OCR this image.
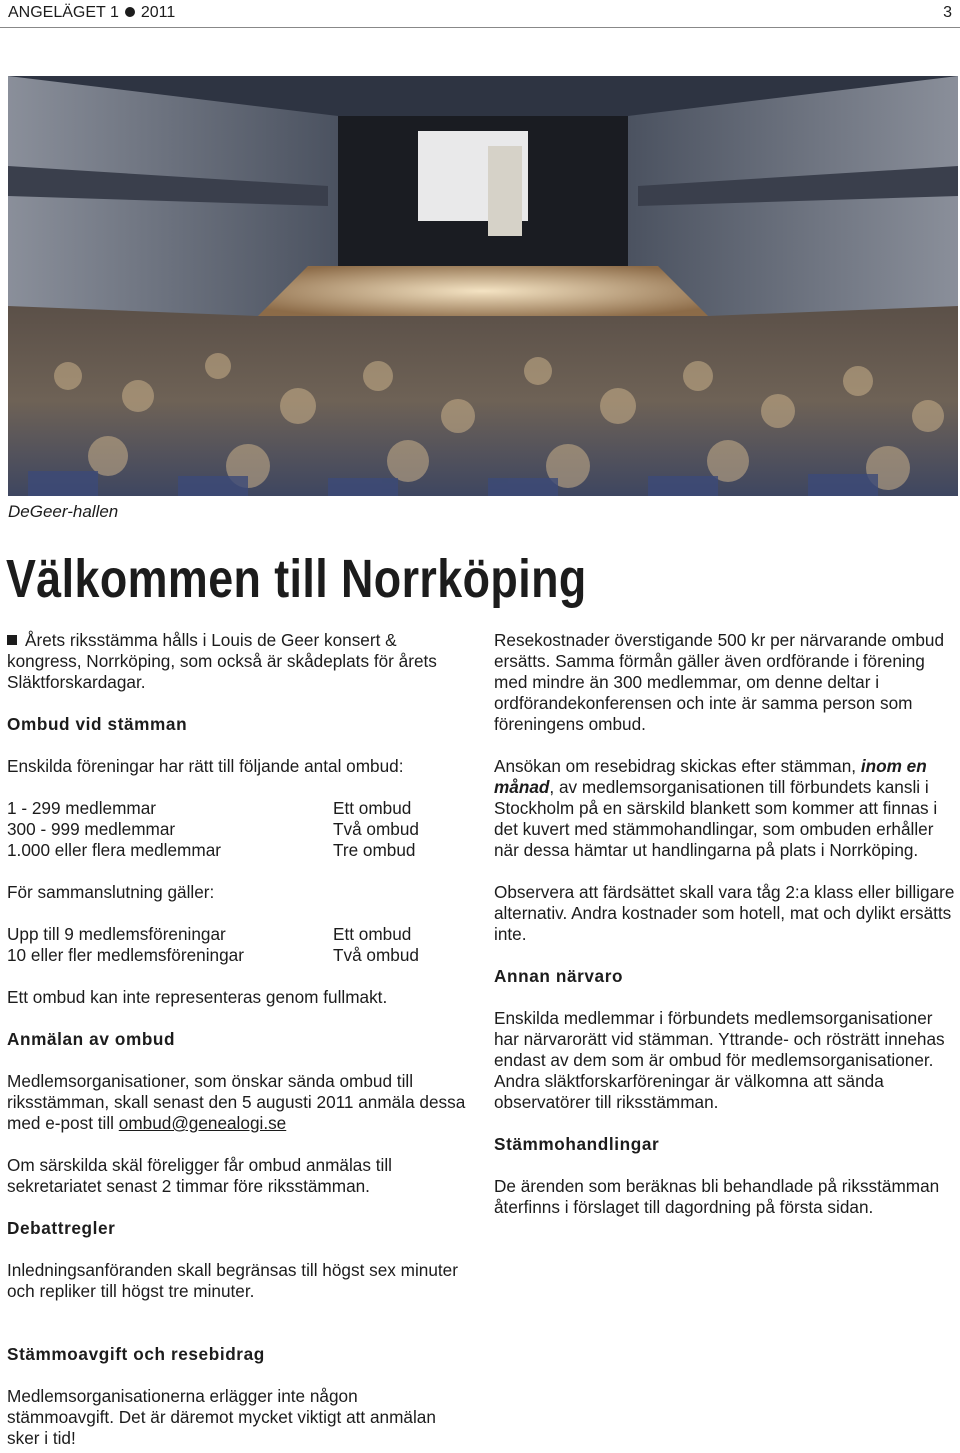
ANGELÄGET 1 2011	3
DeGeer-hallen
Välkommen till Norrköping

Årets riksstämma hålls i Louis de Geer konsert & kongress, Norrköping, som också är skådeplats för årets Släktforskardagar.

Ombud vid stämman

Enskilda föreningar har rätt till följande antal ombud:

1 - 299 medlemmar	Ett ombud
300 - 999 medlemmar	Två ombud
1.000 eller flera medlemmar	Tre ombud

För sammanslutning gäller:

Upp till 9 medlemsföreningar	Ett ombud
10 eller fler medlemsföreningar	Två ombud

Ett ombud kan inte representeras genom fullmakt.

Anmälan av ombud

Medlemsorganisationer, som önskar sända ombud till riksstämman, skall senast den 5 augusti 2011 anmäla dessa med e-post till ombud@genealogi.se

Om särskilda skäl föreligger får ombud anmälas till sekretariatet senast 2 timmar före riksstämman.

Debattregler

Inledningsanföranden skall begränsas till högst sex minuter och repliker till högst tre minuter.

Stämmoavgift och resebidrag

Medlemsorganisationerna erlägger inte någon stämmoavgift. Det är däremot mycket viktigt att anmälan sker i tid!

Resekostnader överstigande 500 kr per närvarande ombud ersätts. Samma förmån gäller även ordförande i förening med mindre än 300 medlemmar, om denne deltar i ordförandekonferensen och inte är samma person som föreningens ombud.

Ansökan om resebidrag skickas efter stämman, inom en månad, av medlemsorganisationen till förbundets kansli i Stockholm på en särskild blankett som kommer att finnas i det kuvert med stämmohandlingar, som ombuden erhåller när dessa hämtar ut handlingarna på plats i Norrköping.

Observera att färdsättet skall vara tåg 2:a klass eller billigare alternativ. Andra kostnader som hotell, mat och dylikt ersätts inte.

Annan närvaro

Enskilda medlemmar i förbundets medlemsorganisationer har närvarorätt vid stämman. Yttrande- och rösträtt innehas endast av dem som är ombud för medlemsorganisationer. Andra släktforskarföreningar är välkomna att sända observatörer till riksstämman.

Stämmohandlingar

De ärenden som beräknas bli behandlade på riksstämman återfinns i förslaget till dagordning på första sidan.
